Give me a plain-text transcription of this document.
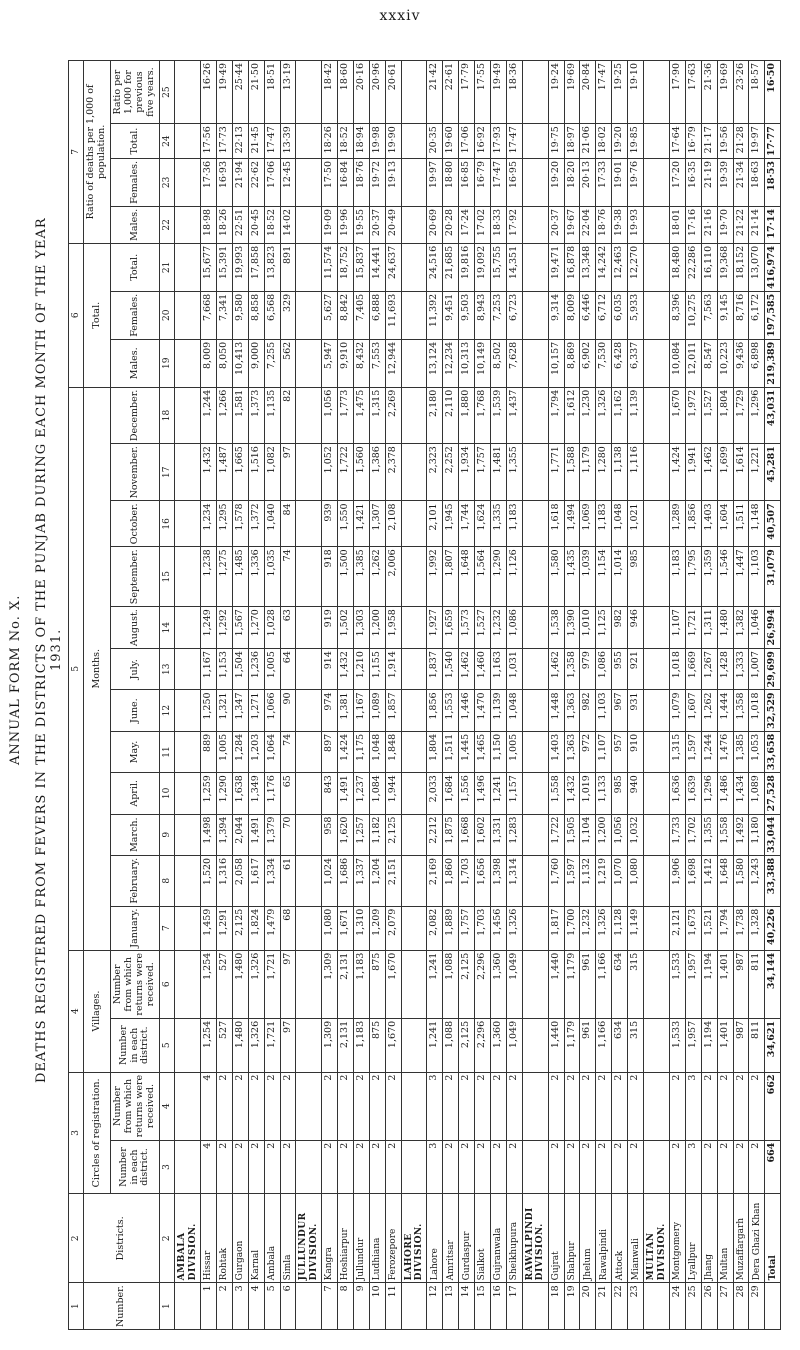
xxxiv
ANNUAL FORM No. X. DEATHS REGISTERED FROM FEVERS IN THE DISTRICTS OF THE PUNJAB DURING EACH MONTH OF THE YEAR 1931.
1	2	3		4		5												6			7			
Number.	Districts.	Circles of registration.		Villages.		Months.												Total.			Ratio of deaths per 1,000 of population.			
		Number in each district.	Number from which returns were received.	Number in each district.	Number from which returns were received.	January.	February.	March.	April.	May.	June.	July.	August.	September.	October.	November.	December.	Males.	Females.	Total.	Males.	Females.	Total.	Ratio per 1,000 for previous five years.
1	2	3	4	5	6	7	8	9	10	11	12	13	14	15	16	17	18	19	20	21	22	23	24	25
	AMBALA DIVISION.																							
1	Hissar	4	4	1,254	1,254	1,459	1,520	1,498	1,259	889	1,250	1,167	1,249	1,238	1,234	1,432	1,244	8,009	7,668	15,677	18·98	17·36	17·56	16·26
2	Rohtak	2	2	527	527	1,291	1,316	1,394	1,290	1,005	1,321	1,153	1,292	1,275	1,295	1,487	1,266	8,050	7,341	15,391	18·26	16·93	17·73	19·49
3	Gurgaon	2	2	1,480	1,480	2,125	2,058	2,044	1,638	1,284	1,347	1,504	1,567	1,485	1,578	1,665	1,581	10,413	9,580	19,993	22·51	21·94	22·13	25·44
4	Karnal	2	2	1,326	1,326	1,824	1,617	1,491	1,349	1,203	1,271	1,236	1,270	1,336	1,372	1,516	1,373	9,000	8,858	17,858	20·45	22·62	21·45	21·50
5	Ambala	2	2	1,721	1,721	1,479	1,334	1,379	1,176	1,064	1,066	1,005	1,028	1,035	1,040	1,082	1,135	7,255	6,568	13,823	18·52	17·06	17·47	18·51
6	Simla	2	2	97	97	68	61	70	65	74	90	64	63	74	84	97	82	562	329	891	14·02	12·45	13·39	13·19
	JULLUNDUR DIVISION.																							
7	Kangra	2	2	1,309	1,309	1,080	1,024	958	843	897	974	914	919	918	939	1,052	1,056	5,947	5,627	11,574	19·09	17·50	18·26	18·42
8	Hoshiarpur	2	2	2,131	2,131	1,671	1,686	1,620	1,491	1,424	1,381	1,432	1,502	1,500	1,550	1,722	1,773	9,910	8,842	18,752	19·96	16·84	18·52	18·60
9	Jullundur	2	2	1,183	1,183	1,310	1,337	1,257	1,237	1,175	1,167	1,210	1,303	1,385	1,421	1,560	1,475	8,432	7,405	15,837	19·55	18·76	18·94	20·16
10	Ludhiana	2	2	875	875	1,209	1,204	1,182	1,084	1,048	1,089	1,155	1,200	1,262	1,307	1,386	1,315	7,553	6,888	14,441	20·37	19·72	19·98	20·96
11	Ferozepore	2	2	1,670	1,670	2,079	2,151	2,125	1,944	1,848	1,857	1,914	1,958	2,006	2,108	2,378	2,269	12,944	11,693	24,637	20·49	19·13	19·90	20·61
	LAHORE DIVISION.																							
12	Lahore	3	3	1,241	1,241	2,082	2,169	2,212	2,033	1,804	1,856	1,837	1,927	1,992	2,101	2,323	2,180	13,124	11,392	24,516	20·69	19·97	20·35	21·42
13	Amritsar	2	2	1,088	1,088	1,889	1,860	1,875	1,684	1,511	1,553	1,540	1,659	1,807	1,945	2,252	2,110	12,234	9,451	21,685	20·28	18·80	19·60	22·61
14	Gurdaspur	2	2	2,125	2,125	1,757	1,703	1,668	1,556	1,445	1,446	1,462	1,573	1,648	1,744	1,934	1,880	10,313	9,503	19,816	17·24	16·85	17·06	17·79
15	Sialkot	2	2	2,296	2,296	1,703	1,656	1,602	1,496	1,465	1,470	1,460	1,527	1,564	1,624	1,757	1,768	10,149	8,943	19,092	17·02	16·79	16·92	17·55
16	Gujranwala	2	2	1,360	1,360	1,456	1,398	1,331	1,241	1,150	1,139	1,163	1,232	1,290	1,335	1,481	1,539	8,502	7,253	15,755	18·33	17·47	17·93	19·49
17	Sheikhupura	2	2	1,049	1,049	1,326	1,314	1,283	1,157	1,005	1,048	1,031	1,086	1,126	1,183	1,355	1,437	7,628	6,723	14,351	17·92	16·95	17·47	18·36
	RAWALPINDI DIVISION.																							
18	Gujrat	2	2	1,440	1,440	1,817	1,760	1,722	1,558	1,403	1,448	1,462	1,538	1,580	1,618	1,771	1,794	10,157	9,314	19,471	20·37	19·20	19·75	19·24
19	Shahpur	2	2	1,179	1,179	1,700	1,597	1,505	1,432	1,363	1,363	1,358	1,390	1,435	1,494	1,588	1,612	8,869	8,009	16,878	19·67	18·20	18·97	19·69
20	Jhelum	2	2	961	961	1,232	1,132	1,104	1,019	972	982	979	1,010	1,039	1,069	1,179	1,230	6,902	6,446	13,348	22·04	20·13	21·06	20·84
21	Rawalpindi	2	2	1,166	1,166	1,326	1,219	1,200	1,133	1,107	1,103	1,086	1,125	1,154	1,183	1,280	1,326	7,530	6,712	14,242	18·76	17·33	18·02	17·47
22	Attock	2	2	634	634	1,128	1,070	1,056	985	957	967	955	982	1,014	1,048	1,138	1,162	6,428	6,035	12,463	19·38	19·01	19·20	19·25
23	Mianwali	2	2	315	315	1,149	1,080	1,032	940	910	931	921	946	985	1,021	1,116	1,139	6,337	5,933	12,270	19·93	19·76	19·85	19·10
	MULTAN DIVISION.																							
24	Montgomery	2	2	1,533	1,533	2,121	1,906	1,733	1,636	1,315	1,079	1,018	1,107	1,183	1,289	1,424	1,670	10,084	8,396	18,480	18·01	17·20	17·64	17·90
25	Lyallpur	3	3	1,957	1,957	1,673	1,698	1,702	1,639	1,597	1,607	1,669	1,721	1,795	1,856	1,941	1,972	12,011	10,275	22,286	17·16	16·35	16·79	17·63
26	Jhang	2	2	1,194	1,194	1,521	1,412	1,355	1,296	1,244	1,262	1,267	1,311	1,359	1,403	1,462	1,527	8,547	7,563	16,110	21·16	21·19	21·17	21·36
27	Multan	2	2	1,401	1,401	1,794	1,648	1,558	1,486	1,476	1,444	1,428	1,480	1,546	1,604	1,699	1,804	10,223	9,145	19,368	19·70	19·39	19·56	19·69
28	Muzaffargarh	2	2	987	987	1,738	1,580	1,492	1,434	1,385	1,358	1,333	1,382	1,447	1,511	1,614	1,729	9,436	8,716	18,152	21·22	21·34	21·28	23·26
29	Dera Ghazi Khan	2	2	811	811	1,328	1,243	1,180	1,089	1,053	1,018	1,007	1,046	1,103	1,148	1,221	1,296	6,898	6,172	13,070	21·14	18·63	19·97	18·57
	Total	664	662	34,621	34,144	40,226	33,388	33,044	27,528	33,658	32,529	29,699	26,994	31,079	40,507	45,281	43,031	219,389	197,585	416,974	17·14	18·53	17·77	16·50
